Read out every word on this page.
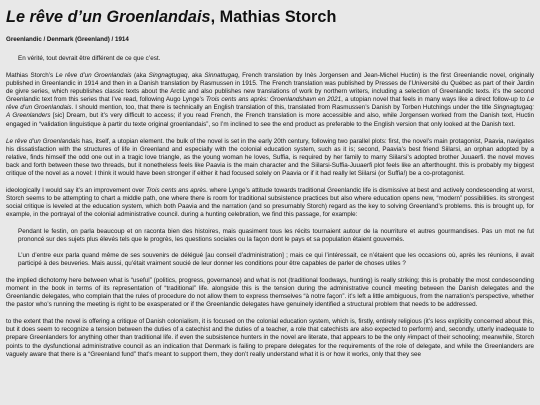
Le rêve d’un Groenlandais, Mathias Storch
Greenlandic / Denmark (Greenland) / 1914
En vérité, tout devrait être différent de ce que c’est.

Mathias Storch’s Le rêve d’un Groenlandais (aka Singnagtugaq, aka Sinnattugaq, French translation by Inès Jorgensen and Jean-Michel Huctin) is the first Greenlandic novel, originally published in Greenlandic in 1914 and then in a Danish translation by Rasmussen in 1915. The French translation was published by Presses de l’Université du Québec as part of their Jardin de givre series, which republishes classic texts about the Arctic and also publishes new translations of work by northern writers, including a selection of Greenlandic texts. it’s the second Greenlandic text from this series that I’ve read, following Augo Lynge’s Trois cents ans après: Groenlandshavn en 2021, a utopian novel that feels in many ways like a direct follow-up to Le rêve d’un Groenlandais. I should mention, too, that there is technically an English translation of this, translated from Rasmussen’s Danish by Torben Hutchings under the title Singnagtugaq: A Greenlanders [sic] Dream, but it’s very difficult to access; if you read French, the French translation is more accessible and also, while Jorgensen worked from the Danish text, Huctin engaged in “validation linguistique à partir du texte original groenlandais”, so I’m inclined to see the end product as preferable to the English version that only looked at the Danish text.

Le rêve d’un Groenlandais has, itself, a utopian element. the bulk of the novel is set in the early 20th century, following two parallel plots: first, the novel’s main protagonist, Paavia, navigates his dissatisfaction with the structures of life in Greenland and especially with the colonial education system, such as it is; second, Paavia’s best friend Siilarsi, an orphan adopted by a relative, finds himself the odd one out in a tragic love triangle, as the young woman he loves, Suffia, is required by her family to marry Siilarsi’s adopted brother Juuaerfi. the novel moves back and forth between these two threads, but it nonetheless feels like Paavia is the main character and the Siilarsi-Suffia-Juuaerfi plot feels like an afterthought. this is probably my biggest critique of the novel as a novel: I think it would have been stronger if either it had focused solely on Paavia or if it had really let Siilarsi (or Suffia!) be a co-protagonist.

ideologically I would say it’s an improvement over Trois cents ans après. where Lynge’s attitude towards traditional Greenlandic life is dismissive at best and actively condescending at worst, Storch seems to be attempting to chart a middle path, one where there is room for traditional subsistence practices but also where education opens new, “modern” possibilities. its strongest social critique is leveled at the education system, which both Paavia and the narration (and so presumably Storch) regard as the key to solving Greenland’s problems. this is brought up, for example, in the portrayal of the colonial administrative council. during a hunting celebration, we find this passage, for example:

Pendant le festin, on parla beaucoup et on raconta bien des histoires, mais quasiment tous les récits tournaient autour de la nourriture et autres gourmandises. Pas un mot ne fut prononcé sur des sujets plus élevés tels que le progrès, les questions sociales ou la façon dont le pays et sa population étaient gouvernés.
L’un d’entre eux parla quand même de ses souvenirs de délégué [au conseil d’administration] ; mais ce qui l’intéressait, ce n’étaient que les occasions où, après les réunions, il avait participé à des beuveries. Mais aussi, qu’était vraiment soucié de leur donner les conditions pour être capables de parler de choses utiles ?

the implied dichotomy here between what is “useful” (politics, progress, governance) and what is not (traditional foodways, hunting) is really striking; this is probably the most condescending moment in the book in terms of its representation of “traditional” life. alongside this is the tension during the administrative council meeting between the Danish delegates and the Greenlandic delegates, who complain that the rules of procedure do not allow them to express themselves “à notre façon”. it’s left a little ambiguous, from the narration’s perspective, whether the pastor who’s running the meeting is right to be exasperated or if the Greenlandic delegates have genuinely identified a structural problem that needs to be addressed.

to the extent that the novel is offering a critique of Danish colonialism, it is focused on the colonial education system, which is, firstly, entirely religious (it’s less explicitly concerned about this, but it does seem to recognize a tension between the duties of a catechist and the duties of a teacher, a role that catechists are also expected to perform) and, secondly, utterly inadequate to prepare Greenlanders for anything other than traditional life. if even the subsistence hunters in the novel are literate, that appears to be the only #impact of their schooling; meanwhile, Storch points to the dysfunctional administrative council as an indication that Denmark is failing to prepare delegates for the requirements of the role of delegate, and while the Greenlanders are vaguely aware that there is a “Greenland fund” that’s meant to support them, they don’t really understand what it is or how it works, only that they see
